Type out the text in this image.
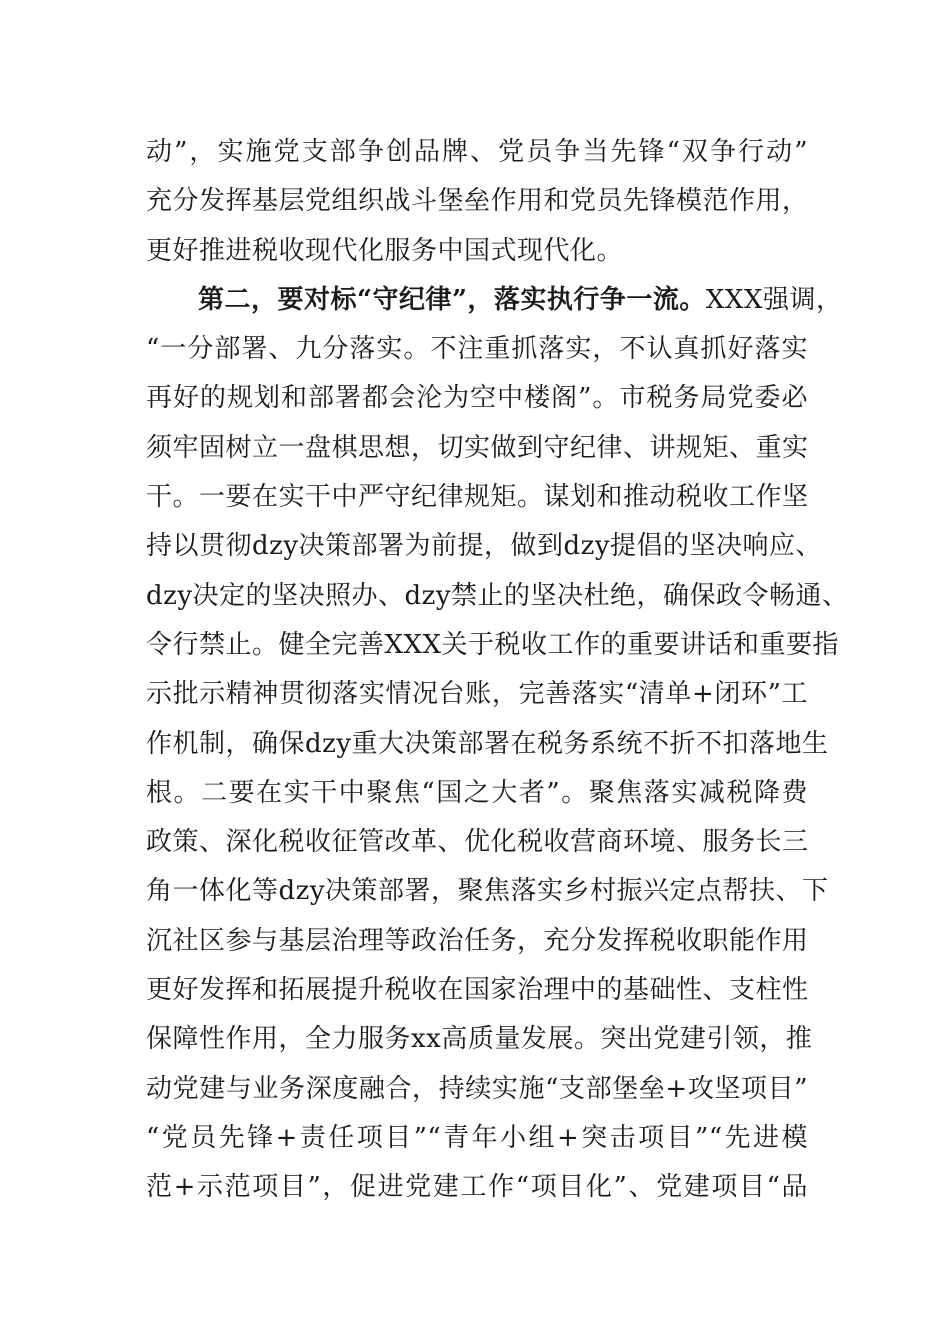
动”，实施党支部争创品牌、党员争当先锋“双争行动”
充分发挥基层党组织战斗堡垒作用和党员先锋模范作用，
更好推进税收现代化服务中国式现代化。
第二，要对标“守纪律”，落实执行争一流。XXX强调，
“一分部署、九分落实。不注重抓落实，不认真抓好落实
再好的规划和部署都会沦为空中楼阁”。市税务局党委必
须牢固树立一盘棋思想，切实做到守纪律、讲规矩、重实
干。一要在实干中严守纪律规矩。谋划和推动税收工作坚
持以贯彻dzy决策部署为前提，做到dzy提倡的坚决响应、
dzy决定的坚决照办、dzy禁止的坚决杜绝，确保政令畅通、
令行禁止。健全完善XXX关于税收工作的重要讲话和重要指
示批示精神贯彻落实情况台账，完善落实“清单+闭环”工
作机制，确保dzy重大决策部署在税务系统不折不扣落地生
根。二要在实干中聚焦“国之大者”。聚焦落实减税降费
政策、深化税收征管改革、优化税收营商环境、服务长三
角一体化等dzy决策部署，聚焦落实乡村振兴定点帮扶、下
沉社区参与基层治理等政治任务，充分发挥税收职能作用
更好发挥和拓展提升税收在国家治理中的基础性、支柱性
保障性作用，全力服务xx高质量发展。突出党建引领，推
动党建与业务深度融合，持续实施“支部堡垒+攻坚项目”
“党员先锋+责任项目”“青年小组+突击项目”“先进模
范+示范项目”，促进党建工作“项目化”、党建项目“品
